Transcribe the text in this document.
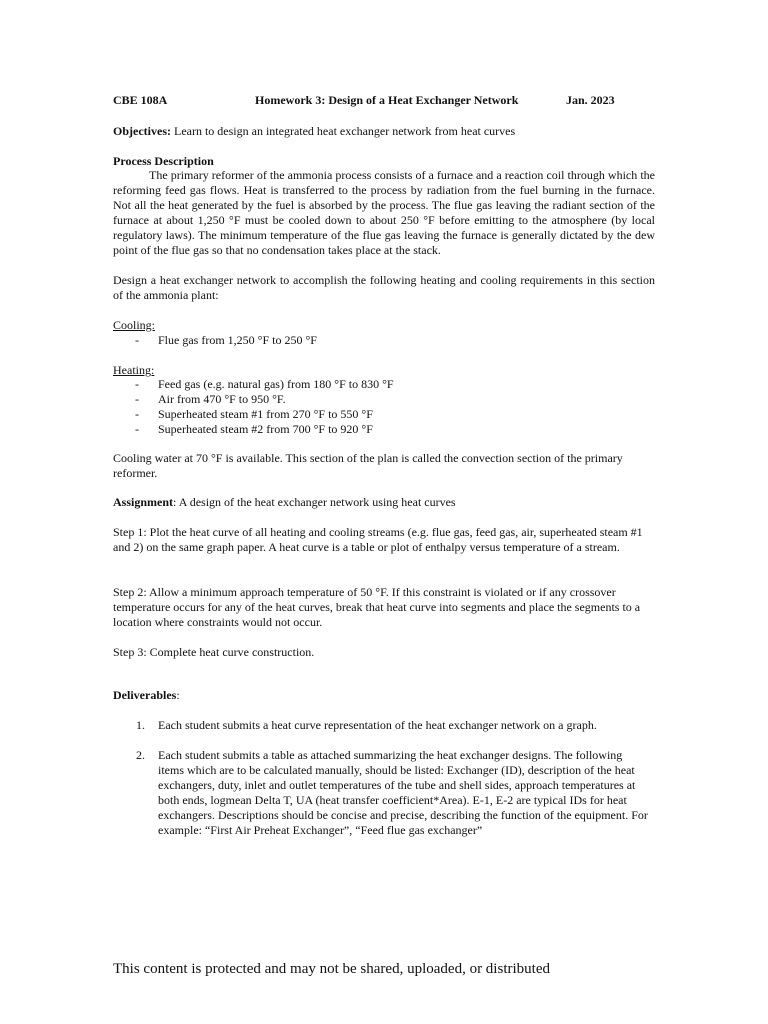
CBE 108A	Homework 3: Design of a Heat Exchanger Network	Jan. 2023
Objectives: Learn to design an integrated heat exchanger network from heat curves
Process Description
The primary reformer of the ammonia process consists of a furnace and a reaction coil through which the reforming feed gas flows. Heat is transferred to the process by radiation from the fuel burning in the furnace. Not all the heat generated by the fuel is absorbed by the process. The flue gas leaving the radiant section of the furnace at about 1,250 °F must be cooled down to about 250 °F before emitting to the atmosphere (by local regulatory laws). The minimum temperature of the flue gas leaving the furnace is generally dictated by the dew point of the flue gas so that no condensation takes place at the stack.
Design a heat exchanger network to accomplish the following heating and cooling requirements in this section of the ammonia plant:
Cooling:
- Flue gas from 1,250 °F to 250 °F
Heating:
- Feed gas (e.g. natural gas) from 180 °F to 830 °F
- Air from 470 °F to 950 °F.
- Superheated steam #1 from 270 °F to 550 °F
- Superheated steam #2 from 700 °F to 920 °F
Cooling water at 70 °F is available. This section of the plan is called the convection section of the primary reformer.
Assignment: A design of the heat exchanger network using heat curves
Step 1: Plot the heat curve of all heating and cooling streams (e.g. flue gas, feed gas, air, superheated steam #1 and 2) on the same graph paper. A heat curve is a table or plot of enthalpy versus temperature of a stream.
Step 2: Allow a minimum approach temperature of 50 °F. If this constraint is violated or if any crossover temperature occurs for any of the heat curves, break that heat curve into segments and place the segments to a location where constraints would not occur.
Step 3: Complete heat curve construction.
Deliverables:
1. Each student submits a heat curve representation of the heat exchanger network on a graph.
2. Each student submits a table as attached summarizing the heat exchanger designs. The following items which are to be calculated manually, should be listed: Exchanger (ID), description of the heat exchangers, duty, inlet and outlet temperatures of the tube and shell sides, approach temperatures at both ends, logmean Delta T, UA (heat transfer coefficient*Area). E-1, E-2 are typical IDs for heat exchangers. Descriptions should be concise and precise, describing the function of the equipment. For example: “First Air Preheat Exchanger”, “Feed flue gas exchanger”
This content is protected and may not be shared, uploaded, or distributed
